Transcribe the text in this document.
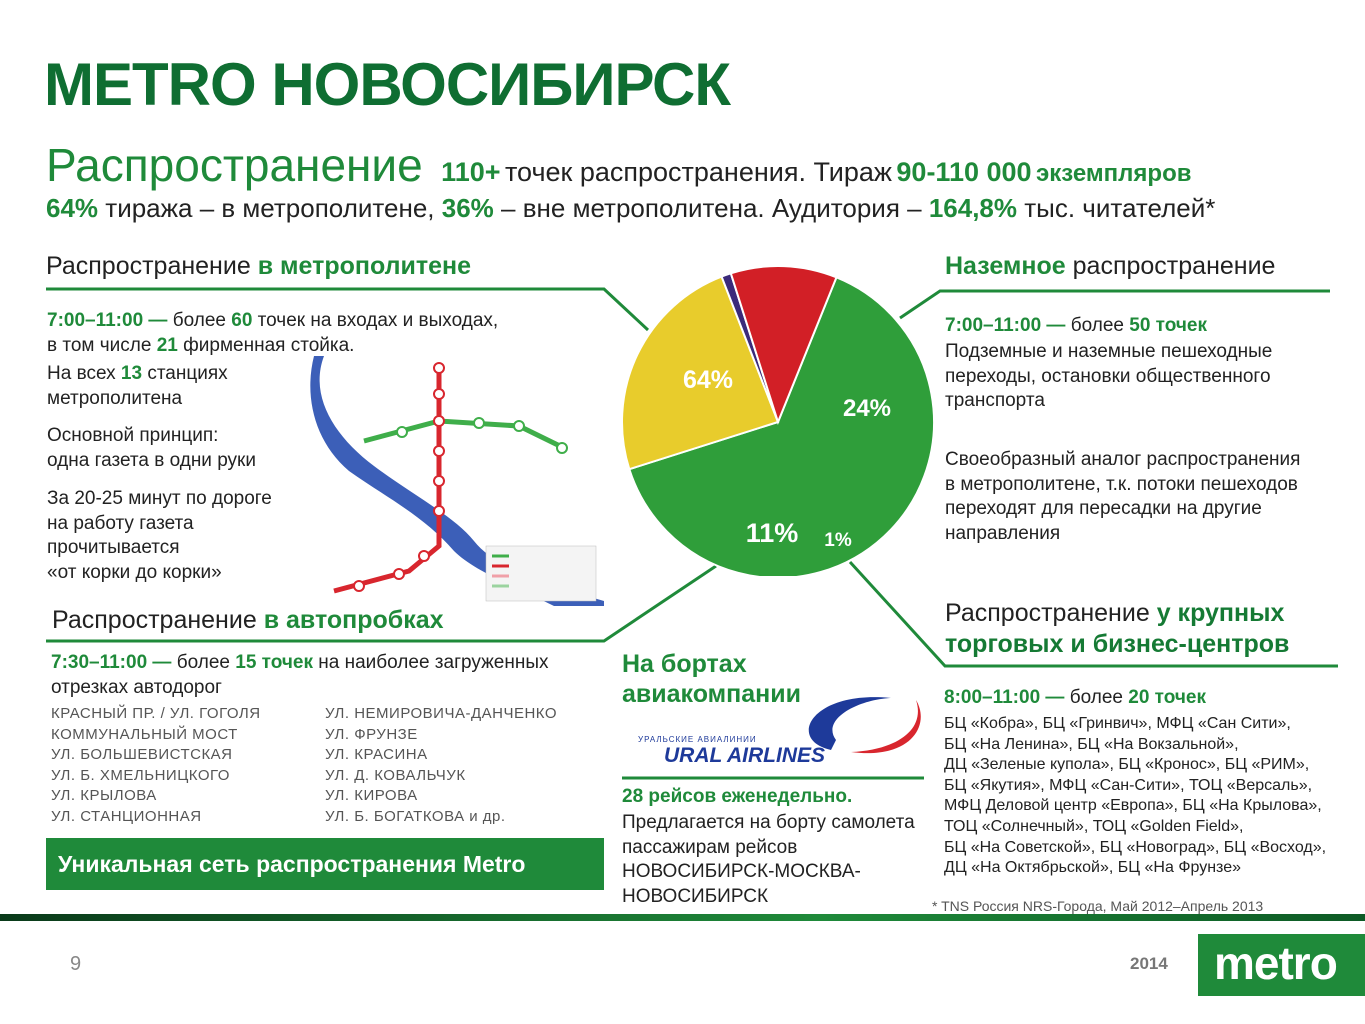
METRO НОВОСИБИРСК
Распространение 110+ точек распространения. Тираж 90-110 000 экземпляров
64% тиража – в метрополитене, 36% – вне метрополитена. Аудитория – 164,8% тыс. читателей*
Распространение в метрополитене
7:00–11:00 — более 60 точек на входах и выходах,
в том числе 21 фирменная стойка.
На всех 13 станциях
метрополитена
Основной принцип:
одна газета в одни руки
За 20-25 минут по дороге
на работу газета
прочитывается
«от корки до корки»
64%
24%
1%
11%
Наземное распространение
7:00–11:00 — более 50 точек
Подземные и наземные пешеходные
переходы, остановки общественного
транспорта
Своеобразный аналог распространения
в метрополитене, т.к. потоки пешеходов
переходят для пересадки на другие
направления
Распространение в автопробках
7:30–11:00 — более 15 точек на наиболее загруженных
отрезках автодорог
КРАСНЫЙ ПР. / УЛ. ГОГОЛЯ
КОММУНАЛЬНЫЙ МОСТ
УЛ. БОЛЬШЕВИСТСКАЯ
УЛ. Б. ХМЕЛЬНИЦКОГО
УЛ. КРЫЛОВА
УЛ. СТАНЦИОННАЯ
УЛ. НЕМИРОВИЧА-ДАНЧЕНКО
УЛ. ФРУНЗЕ
УЛ. КРАСИНА
УЛ. Д. КОВАЛЬЧУК
УЛ. КИРОВА
УЛ. Б. БОГАТКОВА и др.
Уникальная сеть распространения Metro
На бортах
авиакомпании
УРАЛЬСКИЕ АВИАЛИНИИ
URAL AIRLINES
28 рейсов еженедельно.
Предлагается на борту самолета
пассажирам рейсов
НОВОСИБИРСК-МОСКВА-
НОВОСИБИРСК
Распространение у крупных
торговых и бизнес-центров
8:00–11:00 — более 20 точек
БЦ «Кобра», БЦ «Гринвич», МФЦ «Сан Сити»,
БЦ «На Ленина», БЦ «На Вокзальной»,
ДЦ «Зеленые купола», БЦ «Кронос», БЦ «РИМ»,
БЦ «Якутия», МФЦ «Сан-Сити», ТОЦ «Версаль»,
МФЦ Деловой центр «Европа», БЦ «На Крылова»,
ТОЦ «Солнечный», ТОЦ «Golden Field»,
БЦ «На Советской», БЦ «Новоград», БЦ «Восход»,
ДЦ «На Октябрьской», БЦ «На Фрунзе»
* TNS Россия NRS-Города, Май 2012–Апрель 2013
9	2014	metro
